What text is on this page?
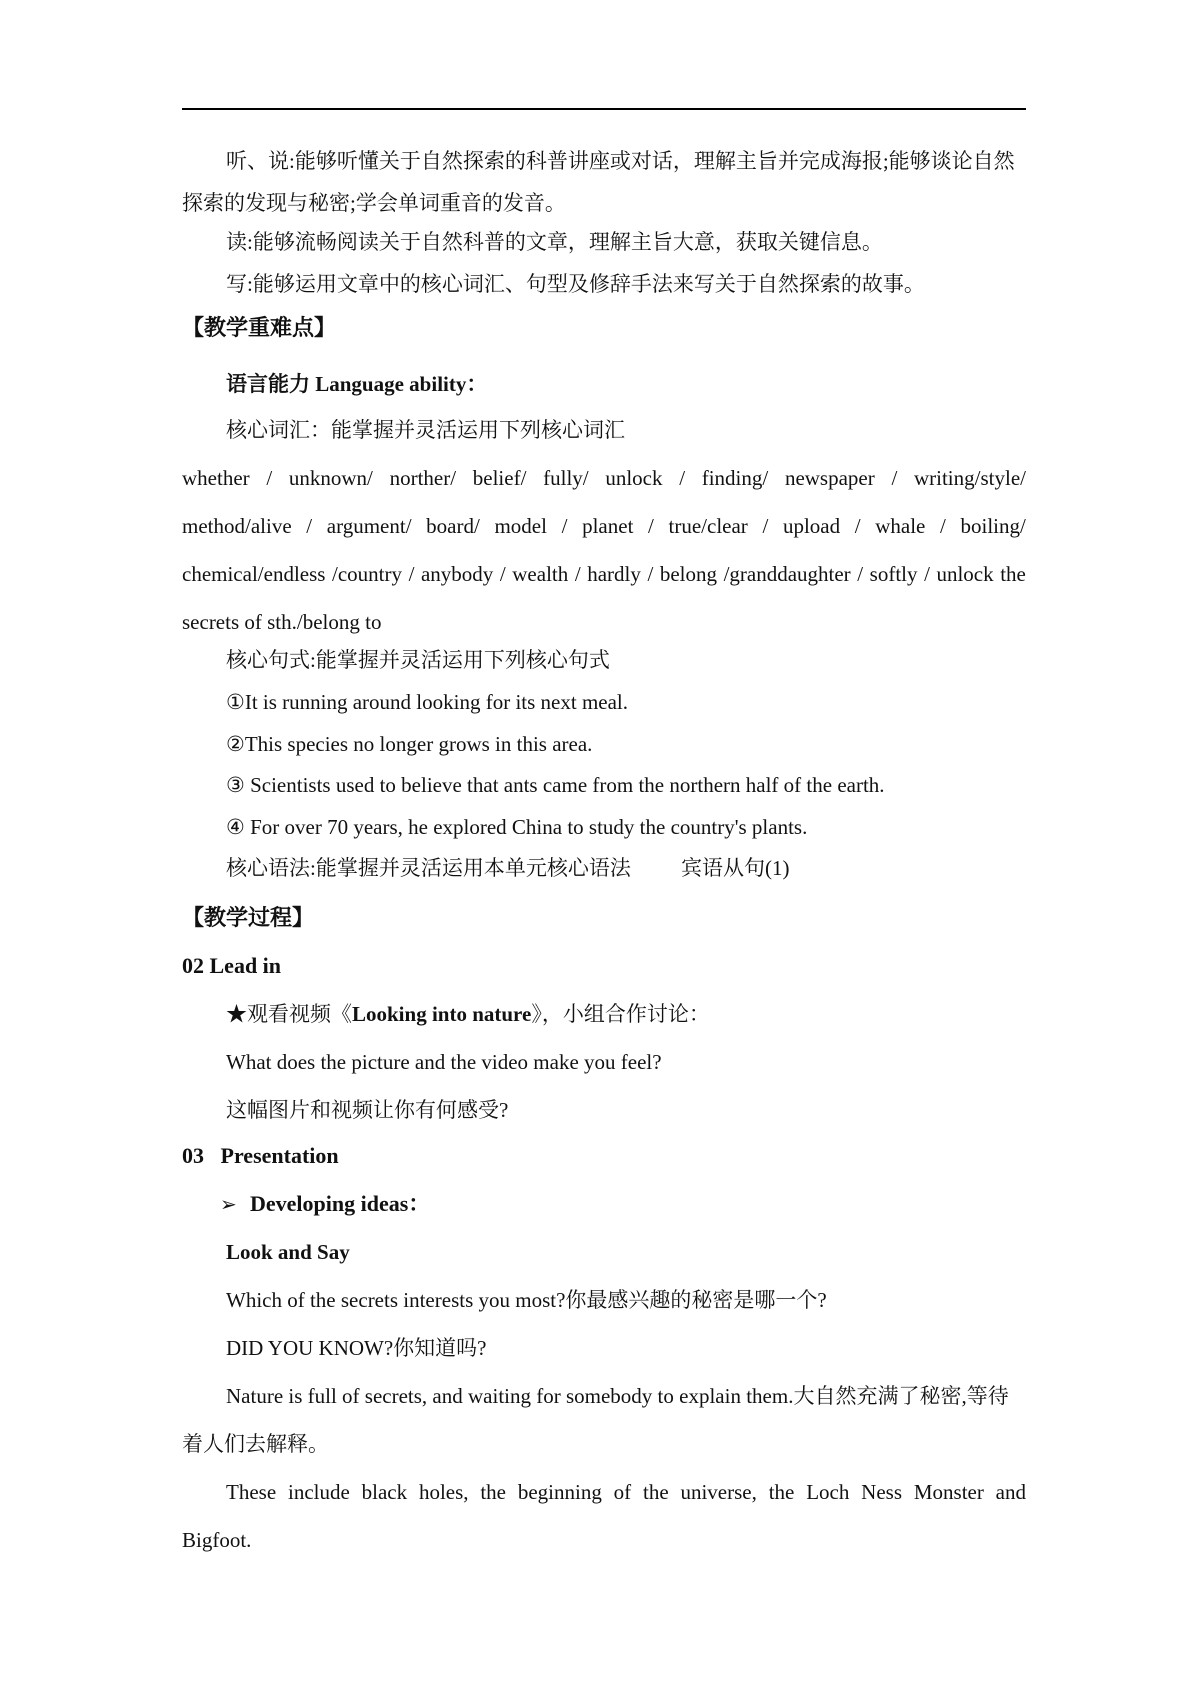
听、说:能够听懂关于自然探索的科普讲座或对话，理解主旨并完成海报;能够谈论自然
探索的发现与秘密;学会单词重音的发音。
读:能够流畅阅读关于自然科普的文章，理解主旨大意，获取关键信息。
写:能够运用文章中的核心词汇、句型及修辞手法来写关于自然探索的故事。
【教学重难点】
语言能力 Language ability：
核心词汇：能掌握并灵活运用下列核心词汇
whether / unknown/ norther/ belief/ fully/ unlock / finding/ newspaper / writing/style/
method/alive / argument/ board/ model / planet / true/clear / upload / whale / boiling/
chemical/endless /country / anybody / wealth / hardly / belong /granddaughter / softly / unlock the
secrets of sth./belong to
核心句式:能掌握并灵活运用下列核心句式
①It is running around looking for its next meal.
②This species no longer grows in this area.
③ Scientists used to believe that ants came from the northern half of the earth.
④ For over 70 years, he explored China to study the country's plants.
核心语法:能掌握并灵活运用本单元核心语法 宾语从句(1)
【教学过程】
02 Lead in
★观看视频《Looking into nature》，小组合作讨论：
What does the picture and the video make you feel?
这幅图片和视频让你有何感受?
03   Presentation
➢ Developing ideas：
Look and Say
Which of the secrets interests you most?你最感兴趣的秘密是哪一个?
DID YOU KNOW?你知道吗?
Nature is full of secrets, and waiting for somebody to explain them.大自然充满了秘密,等待
着人们去解释。
These include black holes, the beginning of the universe, the Loch Ness Monster and
Bigfoot.
